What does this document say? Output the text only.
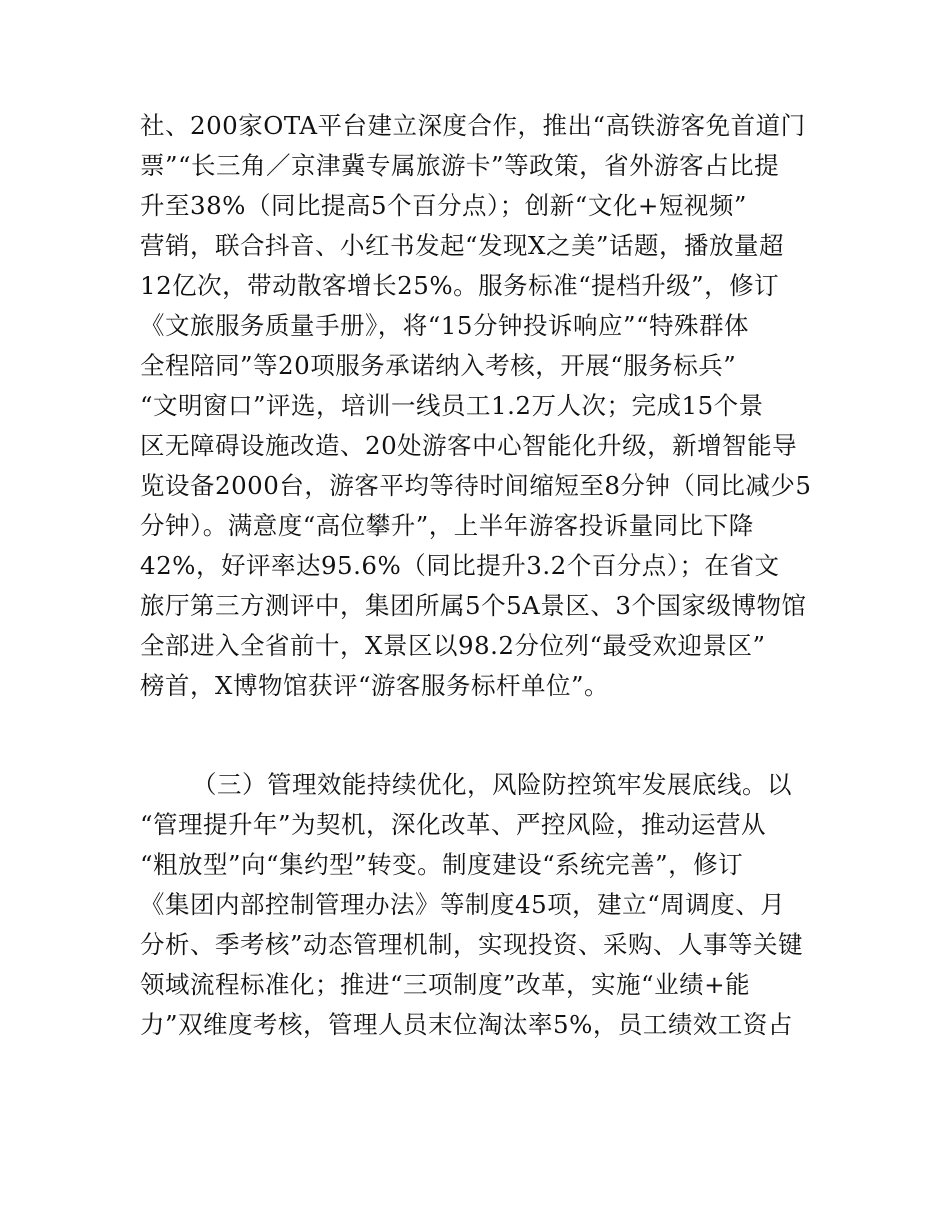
社、200家OTA平台建立深度合作，推出“高铁游客免首道门
票”“长三角／京津冀专属旅游卡”等政策，省外游客占比提
升至38%（同比提高5个百分点）；创新“文化+短视频”
营销，联合抖音、小红书发起“发现X之美”话题，播放量超
12亿次，带动散客增长25%。服务标准“提档升级”，修订
《文旅服务质量手册》，将“15分钟投诉响应”“特殊群体
全程陪同”等20项服务承诺纳入考核，开展“服务标兵”
“文明窗口”评选，培训一线员工1.2万人次；完成15个景
区无障碍设施改造、20处游客中心智能化升级，新增智能导
览设备2000台，游客平均等待时间缩短至8分钟（同比减少5
分钟）。满意度“高位攀升”，上半年游客投诉量同比下降
42%，好评率达95.6%（同比提升3.2个百分点）；在省文
旅厅第三方测评中，集团所属5个5A景区、3个国家级博物馆
全部进入全省前十，X景区以98.2分位列“最受欢迎景区”
榜首，X博物馆获评“游客服务标杆单位”。
（三）管理效能持续优化，风险防控筑牢发展底线。以
“管理提升年”为契机，深化改革、严控风险，推动运营从
“粗放型”向“集约型”转变。制度建设“系统完善”，修订
《集团内部控制管理办法》等制度45项，建立“周调度、月
分析、季考核”动态管理机制，实现投资、采购、人事等关键
领域流程标准化；推进“三项制度”改革，实施“业绩+能
力”双维度考核，管理人员末位淘汰率5%，员工绩效工资占
